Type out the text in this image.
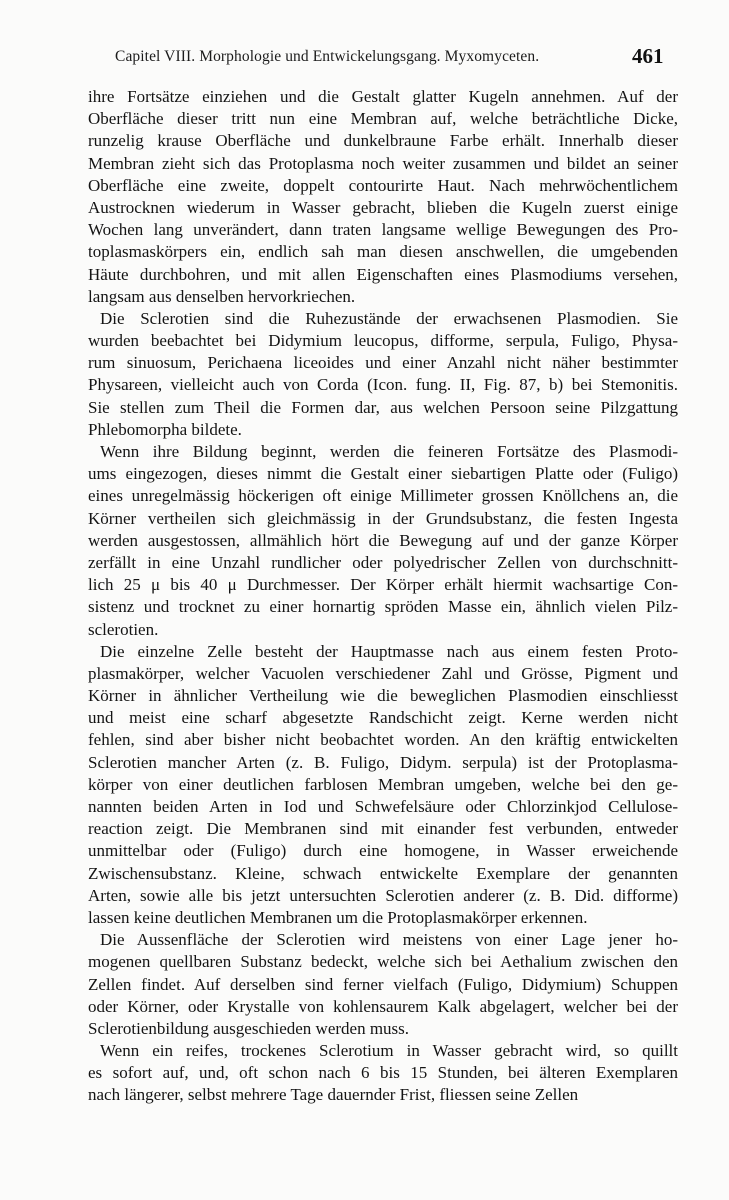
Capitel VIII. Morphologie und Entwickelungsgang. Myxomyceten.	461
ihre Fortsätze einziehen und die Gestalt glatter Kugeln annehmen. Auf der
Oberfläche dieser tritt nun eine Membran auf, welche beträchtliche Dicke,
runzelig krause Oberfläche und dunkelbraune Farbe erhält. Innerhalb dieser
Membran zieht sich das Protoplasma noch weiter zusammen und bildet an seiner
Oberfläche eine zweite, doppelt contourirte Haut. Nach mehrwöchentlichem
Austrocknen wiederum in Wasser gebracht, blieben die Kugeln zuerst einige
Wochen lang unverändert, dann traten langsame wellige Bewegungen des Pro-
toplasmaskörpers ein, endlich sah man diesen anschwellen, die umgebenden
Häute durchbohren, und mit allen Eigenschaften eines Plasmodiums versehen,
langsam aus denselben hervorkriechen.
Die Sclerotien sind die Ruhezustände der erwachsenen Plasmodien. Sie
wurden beebachtet bei Didymium leucopus, difforme, serpula, Fuligo, Physa-
rum sinuosum, Perichaena liceoides und einer Anzahl nicht näher bestimmter
Physareen, vielleicht auch von Corda (Icon. fung. II, Fig. 87, b) bei Stemonitis.
Sie stellen zum Theil die Formen dar, aus welchen Persoon seine Pilzgattung
Phlebomorpha bildete.
Wenn ihre Bildung beginnt, werden die feineren Fortsätze des Plasmodi-
ums eingezogen, dieses nimmt die Gestalt einer siebartigen Platte oder (Fuligo)
eines unregelmässig höckerigen oft einige Millimeter grossen Knöllchens an, die
Körner vertheilen sich gleichmässig in der Grundsubstanz, die festen Ingesta
werden ausgestossen, allmählich hört die Bewegung auf und der ganze Körper
zerfällt in eine Unzahl rundlicher oder polyedrischer Zellen von durchschnitt-
lich 25 μ bis 40 μ Durchmesser. Der Körper erhält hiermit wachsartige Con-
sistenz und trocknet zu einer hornartig spröden Masse ein, ähnlich vielen Pilz-
sclerotien.
Die einzelne Zelle besteht der Hauptmasse nach aus einem festen Proto-
plasmakörper, welcher Vacuolen verschiedener Zahl und Grösse, Pigment und
Körner in ähnlicher Vertheilung wie die beweglichen Plasmodien einschliesst
und meist eine scharf abgesetzte Randschicht zeigt. Kerne werden nicht
fehlen, sind aber bisher nicht beobachtet worden. An den kräftig entwickelten
Sclerotien mancher Arten (z. B. Fuligo, Didym. serpula) ist der Protoplasma-
körper von einer deutlichen farblosen Membran umgeben, welche bei den ge-
nannten beiden Arten in Iod und Schwefelsäure oder Chlorzinkjod Cellulose-
reaction zeigt. Die Membranen sind mit einander fest verbunden, entweder
unmittelbar oder (Fuligo) durch eine homogene, in Wasser erweichende
Zwischensubstanz. Kleine, schwach entwickelte Exemplare der genannten
Arten, sowie alle bis jetzt untersuchten Sclerotien anderer (z. B. Did. difforme)
lassen keine deutlichen Membranen um die Protoplasmakörper erkennen.
Die Aussenfläche der Sclerotien wird meistens von einer Lage jener ho-
mogenen quellbaren Substanz bedeckt, welche sich bei Aethalium zwischen den
Zellen findet. Auf derselben sind ferner vielfach (Fuligo, Didymium) Schuppen
oder Körner, oder Krystalle von kohlensaurem Kalk abgelagert, welcher bei der
Sclerotienbildung ausgeschieden werden muss.
Wenn ein reifes, trockenes Sclerotium in Wasser gebracht wird, so quillt
es sofort auf, und, oft schon nach 6 bis 15 Stunden, bei älteren Exemplaren
nach längerer, selbst mehrere Tage dauernder Frist, fliessen seine Zellen
